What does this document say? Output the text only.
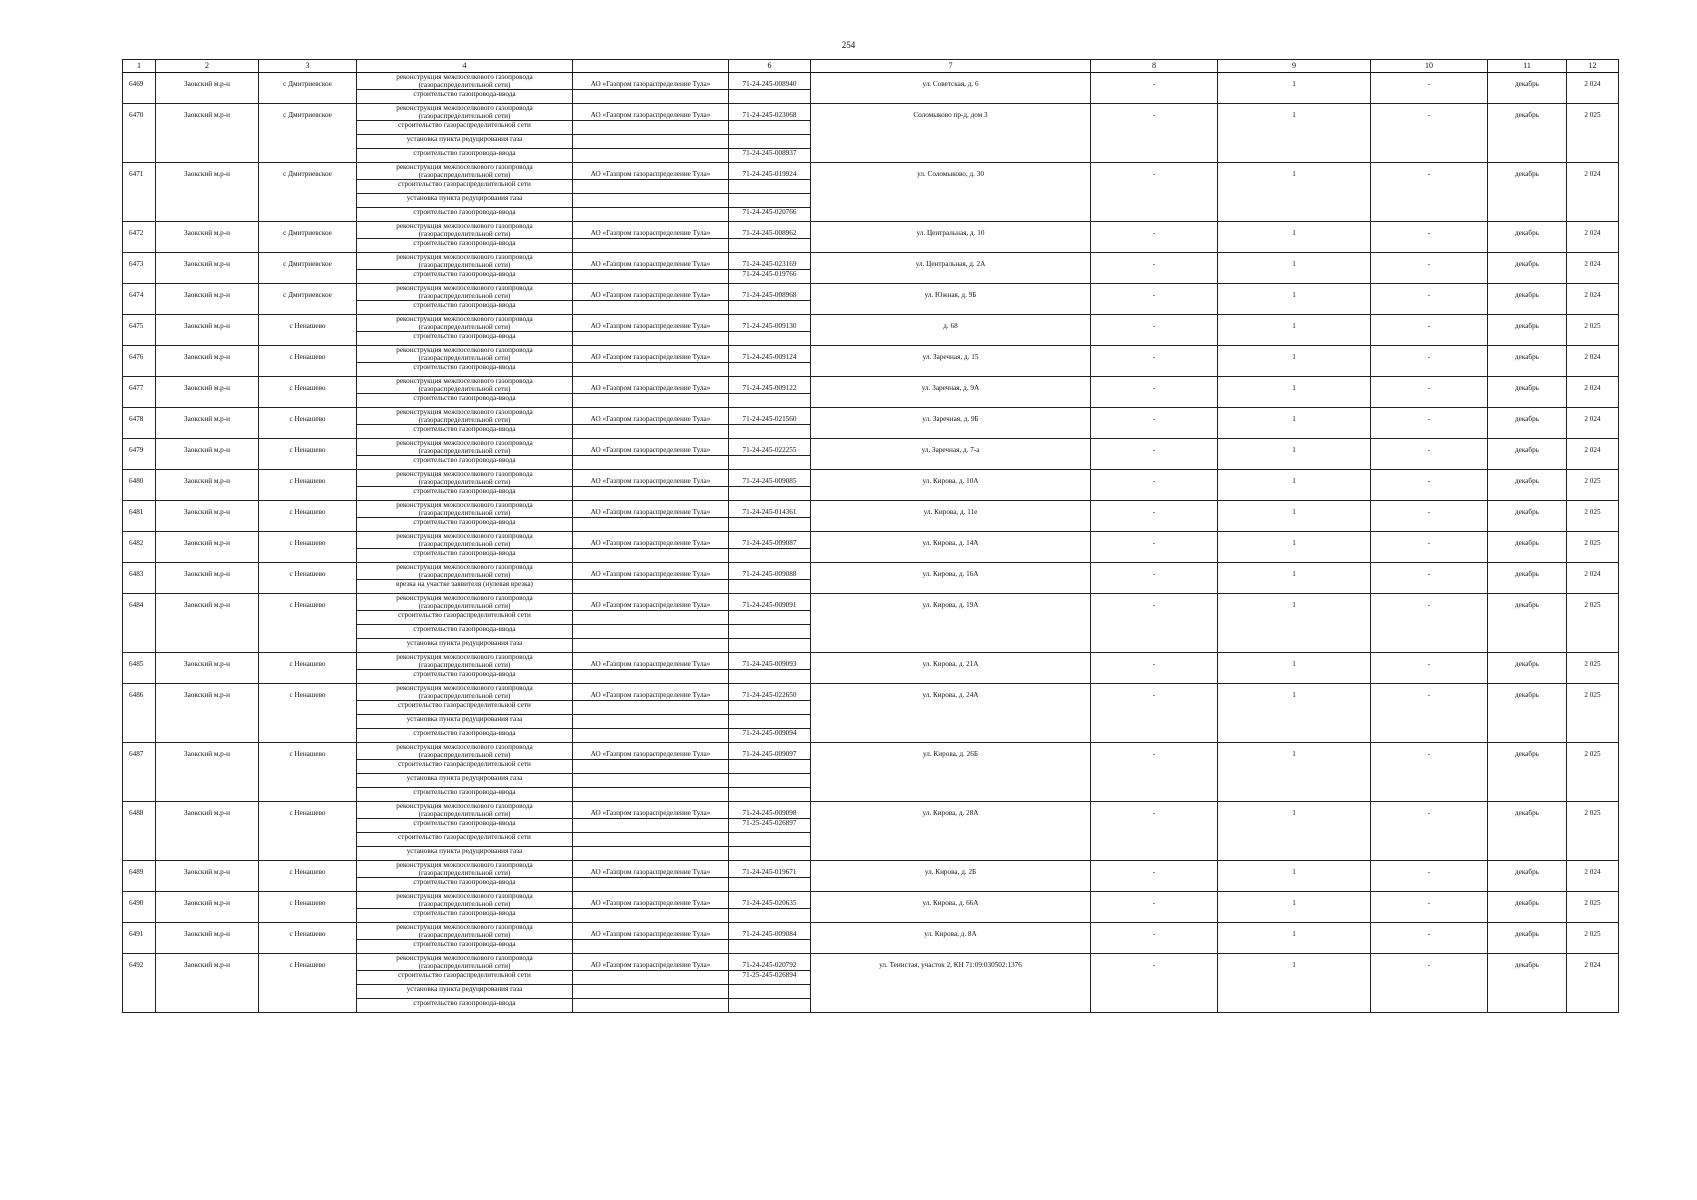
254
1	2	3	4		6	7	8	9	10	11	12
6469	Заокский м.р-н	с Дмитриевское	реконструкция межпоселкового газопровода (газораспределительной сети)	АО «Газпром газораспределение Тула»	71-24-245-008940	ул. Советская, д. 6	-	1	-	декабрь	2 024
			строительство газопровода-ввода								
6470	Заокский м.р-н	с Дмитриевское	реконструкция межпоселкового газопровода (газораспределительной сети)	АО «Газпром газораспределение Тула»	71-24-245-023068	Соломыково пр-д, дом 3	-	1	-	декабрь	2 025
			строительство газораспределительной сети								
			установка пункта редуцирования газа								
			строительство газопровода-ввода		71-24-245-008937						
6471	Заокский м.р-н	с Дмитриевское	реконструкция межпоселкового газопровода (газораспределительной сети)	АО «Газпром газораспределение Тула»	71-24-245-019924	ул. Соломыково, д. 30	-	1	-	декабрь	2 024
			строительство газораспределительной сети								
			установка пункта редуцирования газа								
			строительство газопровода-ввода		71-24-245-020766						
6472	Заокский м.р-н	с Дмитриевское	реконструкция межпоселкового газопровода (газораспределительной сети)	АО «Газпром газораспределение Тула»	71-24-245-008962	ул. Центральная, д. 10	-	1	-	декабрь	2 024
			строительство газопровода-ввода								
6473	Заокский м.р-н	с Дмитриевское	реконструкция межпоселкового газопровода (газораспределительной сети)	АО «Газпром газораспределение Тула»	71-24-245-023169	ул. Центральная, д. 2А	-	1	-	декабрь	2 024
			строительство газопровода-ввода		71-24-245-019766						
6474	Заокский м.р-н	с Дмитриевское	реконструкция межпоселкового газопровода (газораспределительной сети)	АО «Газпром газораспределение Тула»	71-24-245-008968	ул. Южная, д. 9Б	-	1	-	декабрь	2 024
			строительство газопровода-ввода								
6475	Заокский м.р-н	с Ненашево	реконструкция межпоселкового газопровода (газораспределительной сети)	АО «Газпром газораспределение Тула»	71-24-245-009130	д. 68	-	1	-	декабрь	2 025
			строительство газопровода-ввода								
6476	Заокский м.р-н	с Ненашево	реконструкция межпоселкового газопровода (газораспределительной сети)	АО «Газпром газораспределение Тула»	71-24-245-009124	ул. Заречная, д. 15	-	1	-	декабрь	2 024
			строительство газопровода-ввода								
6477	Заокский м.р-н	с Ненашево	реконструкция межпоселкового газопровода (газораспределительной сети)	АО «Газпром газораспределение Тула»	71-24-245-009122	ул. Заречная, д. 9А	-	1	-	декабрь	2 024
			строительство газопровода-ввода								
6478	Заокский м.р-н	с Ненашево	реконструкция межпоселкового газопровода (газораспределительной сети)	АО «Газпром газораспределение Тула»	71-24-245-021560	ул. Заречная, д. 9Б	-	1	-	декабрь	2 024
			строительство газопровода-ввода								
6479	Заокский м.р-н	с Ненашево	реконструкция межпоселкового газопровода (газораспределительной сети)	АО «Газпром газораспределение Тула»	71-24-245-022255	ул. Заречная, д. 7-а	-	1	-	декабрь	2 024
			строительство газопровода-ввода								
6480	Заокский м.р-н	с Ненашево	реконструкция межпоселкового газопровода (газораспределительной сети)	АО «Газпром газораспределение Тула»	71-24-245-009085	ул. Кирова, д. 10А	-	1	-	декабрь	2 025
			строительство газопровода-ввода								
6481	Заокский м.р-н	с Ненашево	реконструкция межпоселкового газопровода (газораспределительной сети)	АО «Газпром газораспределение Тула»	71-24-245-014361	ул. Кирова, д. 11е	-	1	-	декабрь	2 025
			строительство газопровода-ввода								
6482	Заокский м.р-н	с Ненашево	реконструкция межпоселкового газопровода (газораспределительной сети)	АО «Газпром газораспределение Тула»	71-24-245-009087	ул. Кирова, д. 14А	-	1	-	декабрь	2 025
			строительство газопровода-ввода								
6483	Заокский м.р-н	с Ненашево	реконструкция межпоселкового газопровода (газораспределительной сети)	АО «Газпром газораспределение Тула»	71-24-245-009088	ул. Кирова, д. 16А	-	1	-	декабрь	2 024
			врезка на участке заявителя (нулевая врезка)								
6484	Заокский м.р-н	с Ненашево	реконструкция межпоселкового газопровода (газораспределительной сети)	АО «Газпром газораспределение Тула»	71-24-245-009091	ул. Кирова, д. 19А	-	1	-	декабрь	2 025
			строительство газораспределительной сети								
			строительство газопровода-ввода								
			установка пункта редуцирования газа								
6485	Заокский м.р-н	с Ненашево	реконструкция межпоселкового газопровода (газораспределительной сети)	АО «Газпром газораспределение Тула»	71-24-245-009093	ул. Кирова, д. 21А	-	1	-	декабрь	2 025
			строительство газопровода-ввода								
6486	Заокский м.р-н	с Ненашево	реконструкция межпоселкового газопровода (газораспределительной сети)	АО «Газпром газораспределение Тула»	71-24-245-022650	ул. Кирова, д. 24А	-	1	-	декабрь	2 025
			строительство газораспределительной сети								
			установка пункта редуцирования газа								
			строительство газопровода-ввода		71-24-245-009094						
6487	Заокский м.р-н	с Ненашево	реконструкция межпоселкового газопровода (газораспределительной сети)	АО «Газпром газораспределение Тула»	71-24-245-009097	ул. Кирова, д. 26Б	-	1	-	декабрь	2 025
			строительство газораспределительной сети								
			установка пункта редуцирования газа								
			строительство газопровода-ввода								
6488	Заокский м.р-н	с Ненашево	реконструкция межпоселкового газопровода (газораспределительной сети)	АО «Газпром газораспределение Тула»	71-24-245-009098	ул. Кирова, д. 28А	-	1	-	декабрь	2 025
			строительство газопровода-ввода		71-25-245-026897						
			строительство газораспределительной сети								
			установка пункта редуцирования газа								
6489	Заокский м.р-н	с Ненашево	реконструкция межпоселкового газопровода (газораспределительной сети)	АО «Газпром газораспределение Тула»	71-24-245-019671	ул. Кирова, д. 2Б	-	1	-	декабрь	2 024
			строительство газопровода-ввода								
6490	Заокский м.р-н	с Ненашево	реконструкция межпоселкового газопровода (газораспределительной сети)	АО «Газпром газораспределение Тула»	71-24-245-020635	ул. Кирова, д. 66А	-	1	-	декабрь	2 025
			строительство газопровода-ввода								
6491	Заокский м.р-н	с Ненашево	реконструкция межпоселкового газопровода (газораспределительной сети)	АО «Газпром газораспределение Тула»	71-24-245-009084	ул. Кирова, д. 8А	-	1	-	декабрь	2 025
			строительство газопровода-ввода								
6492	Заокский м.р-н	с Ненашево	реконструкция межпоселкового газопровода (газораспределительной сети)	АО «Газпром газораспределение Тула»	71-24-245-020792	ул. Тенистая, участок 2, КН 71:09:030502:1376	-	1	-	декабрь	2 024
			строительство газораспределительной сети		71-25-245-026894						
			установка пункта редуцирования газа								
			строительство газопровода-ввода								
